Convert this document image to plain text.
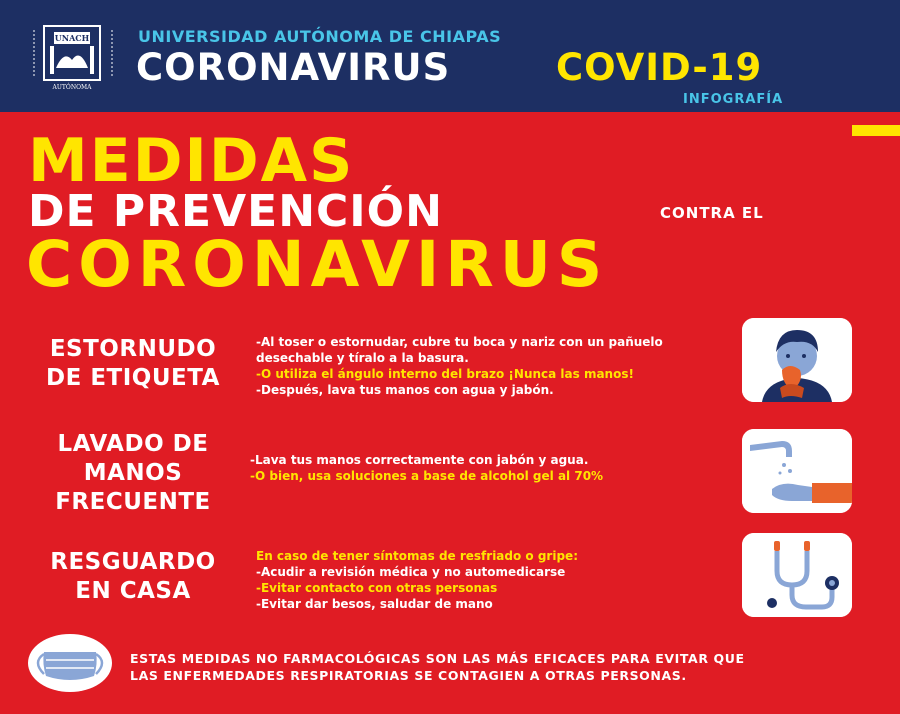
UNACH
AUTÓNOMA
UNIVERSIDAD AUTÓNOMA DE CHIAPAS
CORONAVIRUS	COVID-19
INFOGRAFÍA
MEDIDAS
DE PREVENCIÓN	CONTRA EL
CORONAVIRUS
ESTORNUDO
DE ETIQUETA
-Al toser o estornudar, cubre tu boca y nariz con un pañuelo
desechable y tíralo a la basura.
-O utiliza el ángulo interno del brazo ¡Nunca las manos!
-Después, lava tus manos con agua y jabón.
LAVADO DE
MANOS
FRECUENTE
-Lava tus manos correctamente con jabón y agua.
-O bien, usa soluciones a base de alcohol gel al 70%
RESGUARDO
EN CASA
En caso de tener síntomas de resfriado o gripe:
-Acudir a revisión médica y no automedicarse
-Evitar contacto con otras personas
-Evitar dar besos, saludar de mano
ESTAS MEDIDAS NO FARMACOLÓGICAS SON LAS MÁS EFICACES PARA EVITAR QUE
LAS ENFERMEDADES RESPIRATORIAS SE CONTAGIEN A OTRAS PERSONAS.
